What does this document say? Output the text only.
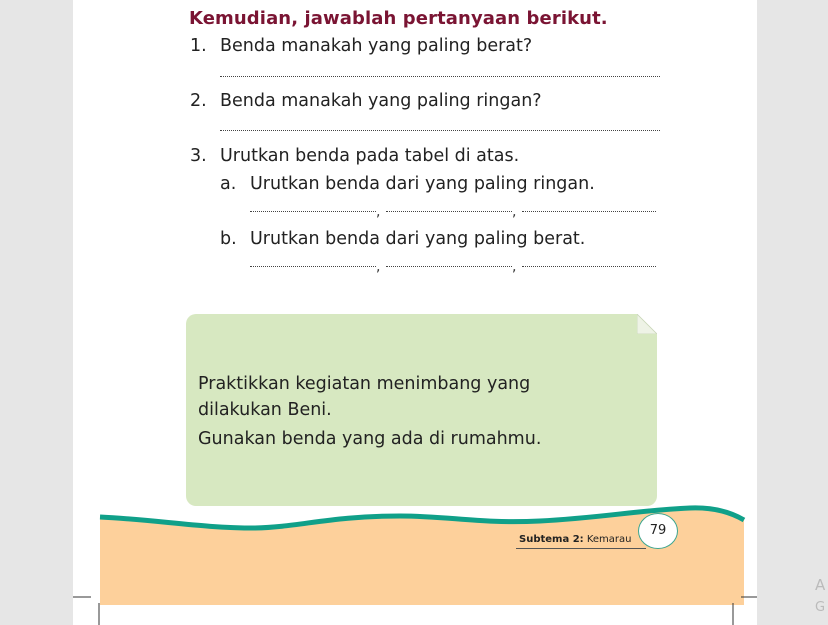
Kemudian, jawablah pertanyaan berikut.
1. Benda manakah yang paling berat?
2. Benda manakah yang paling ringan?
3. Urutkan benda pada tabel di atas.
a. Urutkan benda dari yang paling ringan.
,	,
b. Urutkan benda dari yang paling berat.
,	,
Praktikkan kegiatan menimbang yang
dilakukan Beni.
Gunakan benda yang ada di rumahmu.
Subtema 2: Kemarau
79
A
G
